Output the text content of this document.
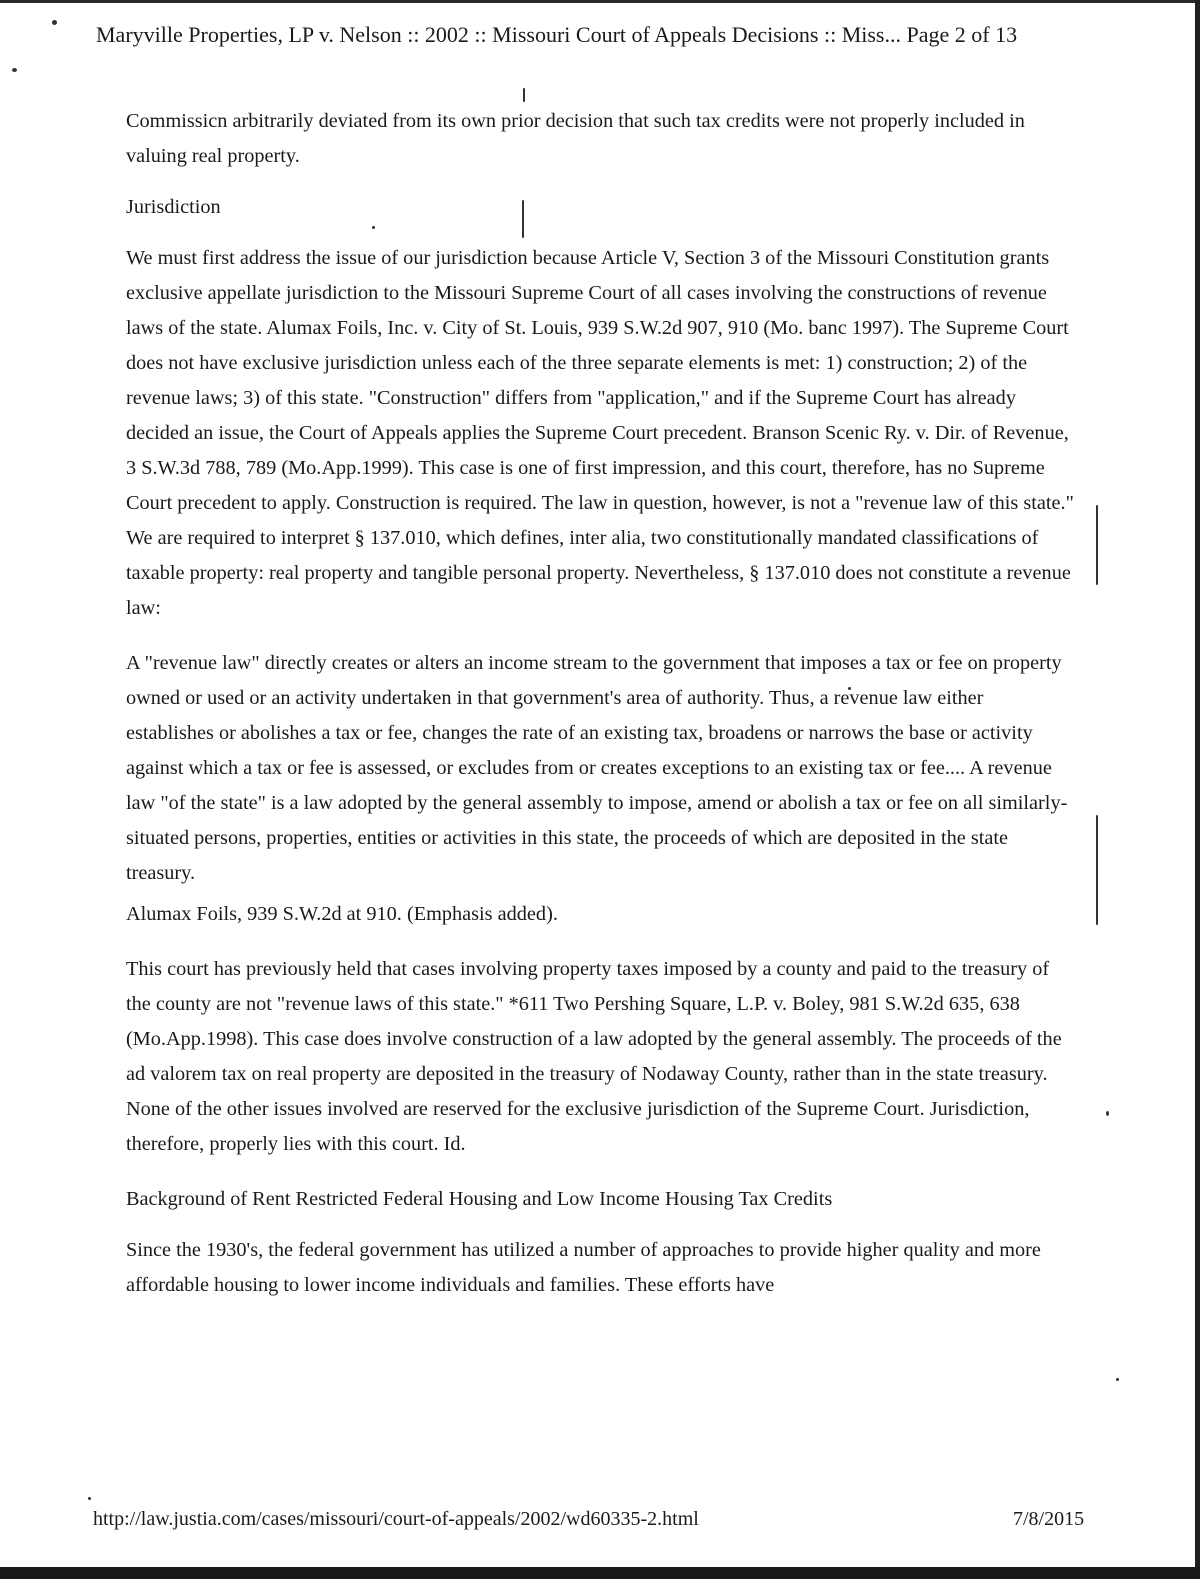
Maryville Properties, LP v. Nelson :: 2002 :: Missouri Court of Appeals Decisions :: Miss... Page 2 of 13

Commissicn arbitrarily deviated from its own prior decision that such tax credits were not properly included in valuing real property.

Jurisdiction

We must first address the issue of our jurisdiction because Article V, Section 3 of the Missouri Constitution grants exclusive appellate jurisdiction to the Missouri Supreme Court of all cases involving the constructions of revenue laws of the state. Alumax Foils, Inc. v. City of St. Louis, 939 S.W.2d 907, 910 (Mo. banc 1997). The Supreme Court does not have exclusive jurisdiction unless each of the three separate elements is met: 1) construction; 2) of the revenue laws; 3) of this state. "Construction" differs from "application," and if the Supreme Court has already decided an issue, the Court of Appeals applies the Supreme Court precedent. Branson Scenic Ry. v. Dir. of Revenue, 3 S.W.3d 788, 789 (Mo.App.1999). This case is one of first impression, and this court, therefore, has no Supreme Court precedent to apply. Construction is required. The law in question, however, is not a "revenue law of this state." We are required to interpret § 137.010, which defines, inter alia, two constitutionally mandated classifications of taxable property: real property and tangible personal property. Nevertheless, § 137.010 does not constitute a revenue law:

A "revenue law" directly creates or alters an income stream to the government that imposes a tax or fee on property owned or used or an activity undertaken in that government's area of authority. Thus, a revenue law either establishes or abolishes a tax or fee, changes the rate of an existing tax, broadens or narrows the base or activity against which a tax or fee is assessed, or excludes from or creates exceptions to an existing tax or fee.... A revenue law "of the state" is a law adopted by the general assembly to impose, amend or abolish a tax or fee on all similarly-situated persons, properties, entities or activities in this state, the proceeds of which are deposited in the state treasury.

Alumax Foils, 939 S.W.2d at 910. (Emphasis added).

This court has previously held that cases involving property taxes imposed by a county and paid to the treasury of the county are not "revenue laws of this state." *611 Two Pershing Square, L.P. v. Boley, 981 S.W.2d 635, 638 (Mo.App.1998). This case does involve construction of a law adopted by the general assembly. The proceeds of the ad valorem tax on real property are deposited in the treasury of Nodaway County, rather than in the state treasury. None of the other issues involved are reserved for the exclusive jurisdiction of the Supreme Court. Jurisdiction, therefore, properly lies with this court. Id.

Background of Rent Restricted Federal Housing and Low Income Housing Tax Credits

Since the 1930's, the federal government has utilized a number of approaches to provide higher quality and more affordable housing to lower income individuals and families. These efforts have

http://law.justia.com/cases/missouri/court-of-appeals/2002/wd60335-2.html	7/8/2015
